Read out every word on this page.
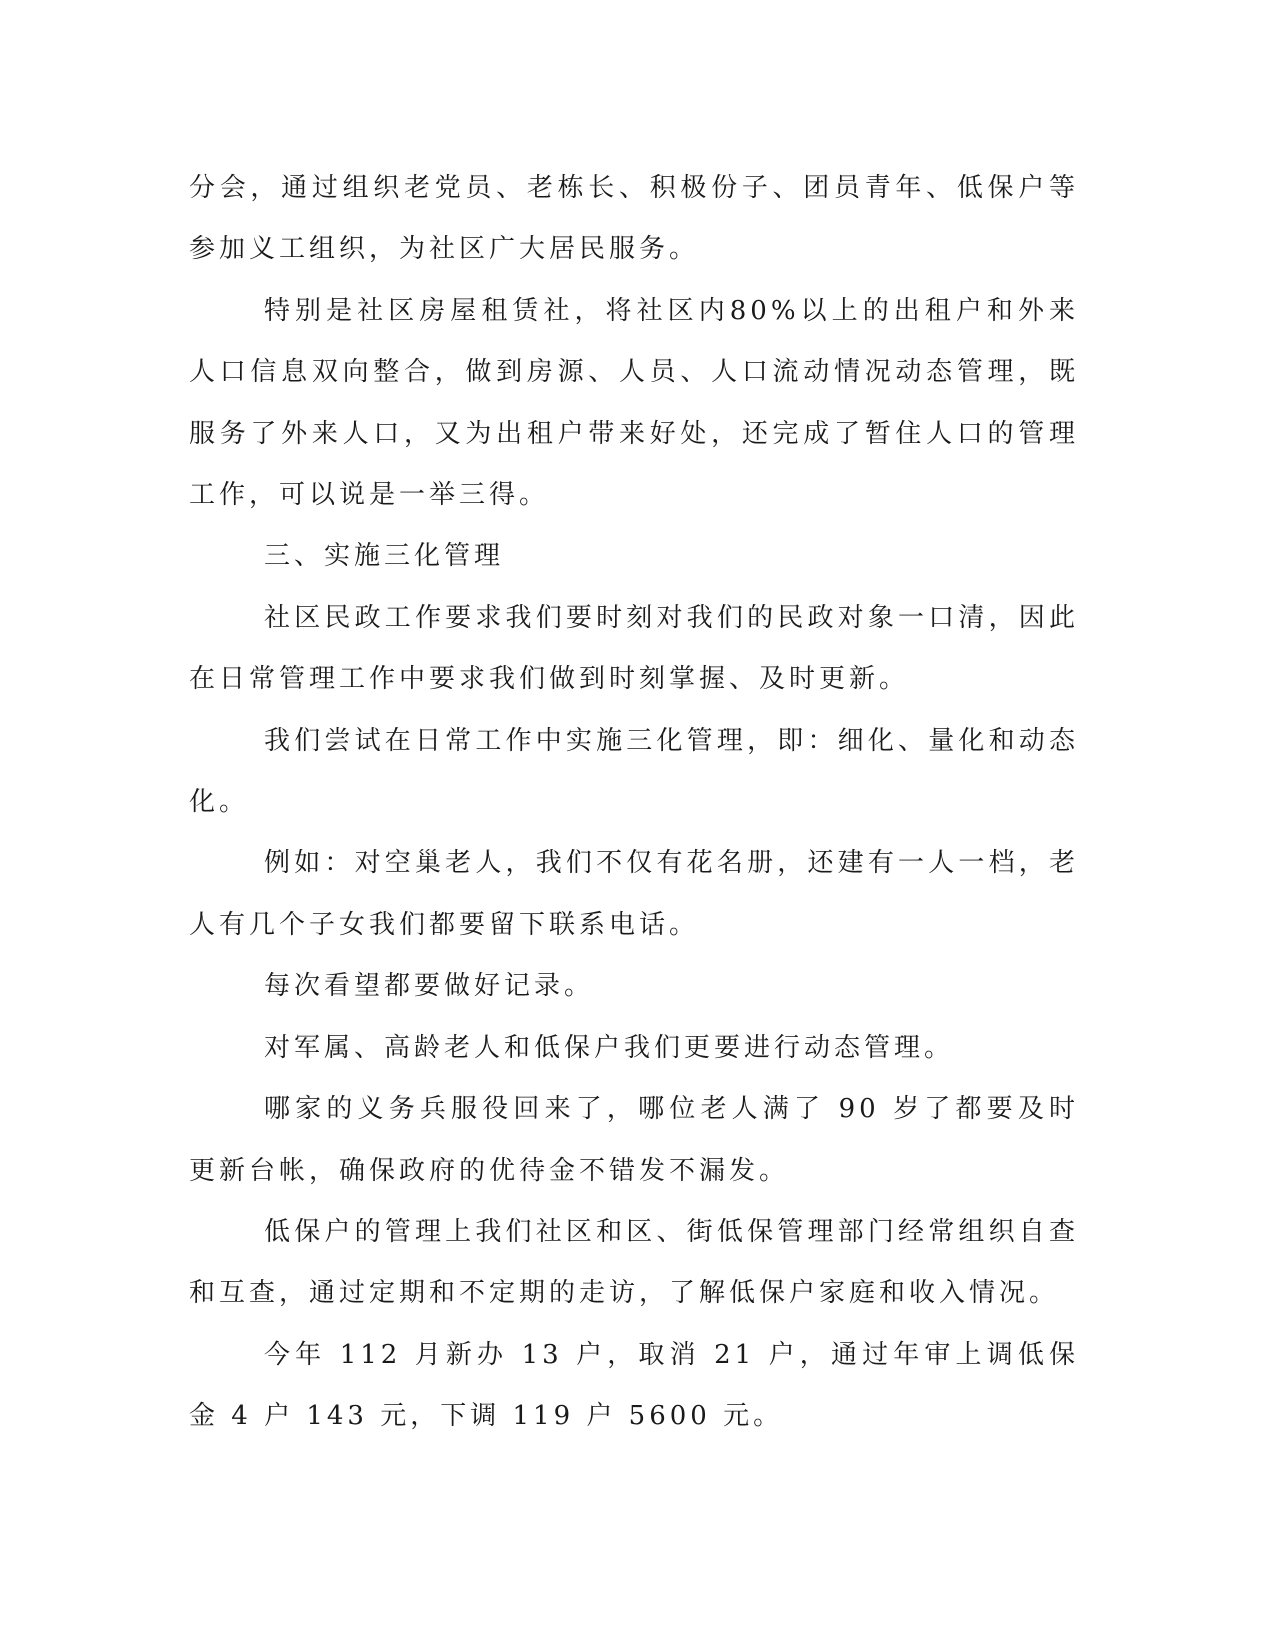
分会，通过组织老党员、老栋长、积极份子、团员青年、低保户等参加义工组织，为社区广大居民服务。

特别是社区房屋租赁社，将社区内80%以上的出租户和外来人口信息双向整合，做到房源、人员、人口流动情况动态管理，既服务了外来人口，又为出租户带来好处，还完成了暂住人口的管理工作，可以说是一举三得。

三、实施三化管理

社区民政工作要求我们要时刻对我们的民政对象一口清，因此在日常管理工作中要求我们做到时刻掌握、及时更新。

我们尝试在日常工作中实施三化管理，即：细化、量化和动态化。

例如：对空巢老人，我们不仅有花名册，还建有一人一档，老人有几个子女我们都要留下联系电话。

每次看望都要做好记录。

对军属、高龄老人和低保户我们更要进行动态管理。

哪家的义务兵服役回来了，哪位老人满了 90 岁了都要及时更新台帐，确保政府的优待金不错发不漏发。

低保户的管理上我们社区和区、街低保管理部门经常组织自查和互查，通过定期和不定期的走访，了解低保户家庭和收入情况。

今年 112 月新办 13 户，取消 21 户，通过年审上调低保金 4 户 143 元，下调 119 户 5600 元。
